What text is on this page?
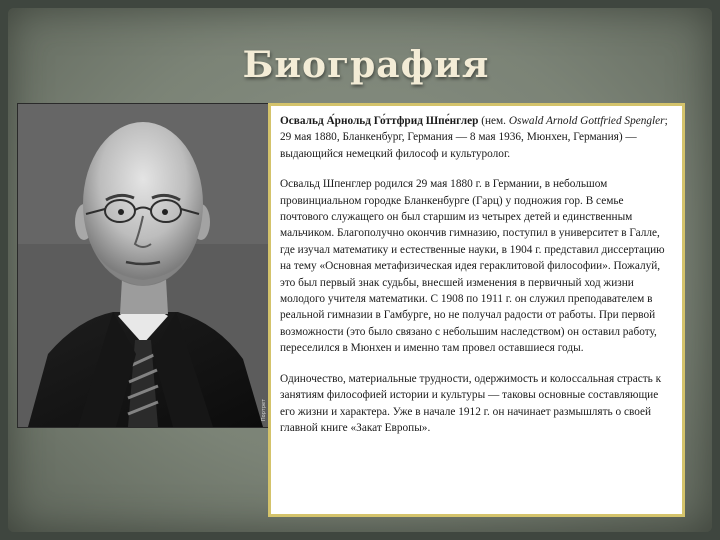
Биография
Портрет

Освальд А́рнольд Го́ттфрид Шпе́нглер (нем. Oswald Arnold Gottfried Spengler; 29 мая 1880, Бланкенбург, Германия — 8 мая 1936, Мюнхен, Германия) — выдающийся немецкий философ и культуролог.

Освальд Шпенглер родился 29 мая 1880 г. в Германии, в небольшом провинциальном городке Бланкенбурге (Гарц) у подножия гор. В семье почтового служащего он был старшим из четырех детей и единственным мальчиком. Благополучно окончив гимназию, поступил в университет в Галле, где изучал математику и естественные науки, в 1904 г. представил диссертацию на тему «Основная метафизическая идея гераклитовой философии». Пожалуй, это был первый знак судьбы, внесшей изменения в первичный ход жизни молодого учителя математики. С 1908 по 1911 г. он служил преподавателем в реальной гимназии в Гамбурге, но не получал радости от работы. При первой возможности (это было связано с небольшим наследством) он оставил работу, переселился в Мюнхен и именно там провел оставшиеся годы.

Одиночество, материальные трудности, одержимость и колоссальная страсть к занятиям философией истории и культуры — таковы основные составляющие его жизни и характера. Уже в начале 1912 г. он начинает размышлять о своей главной книге «Закат Европы».
